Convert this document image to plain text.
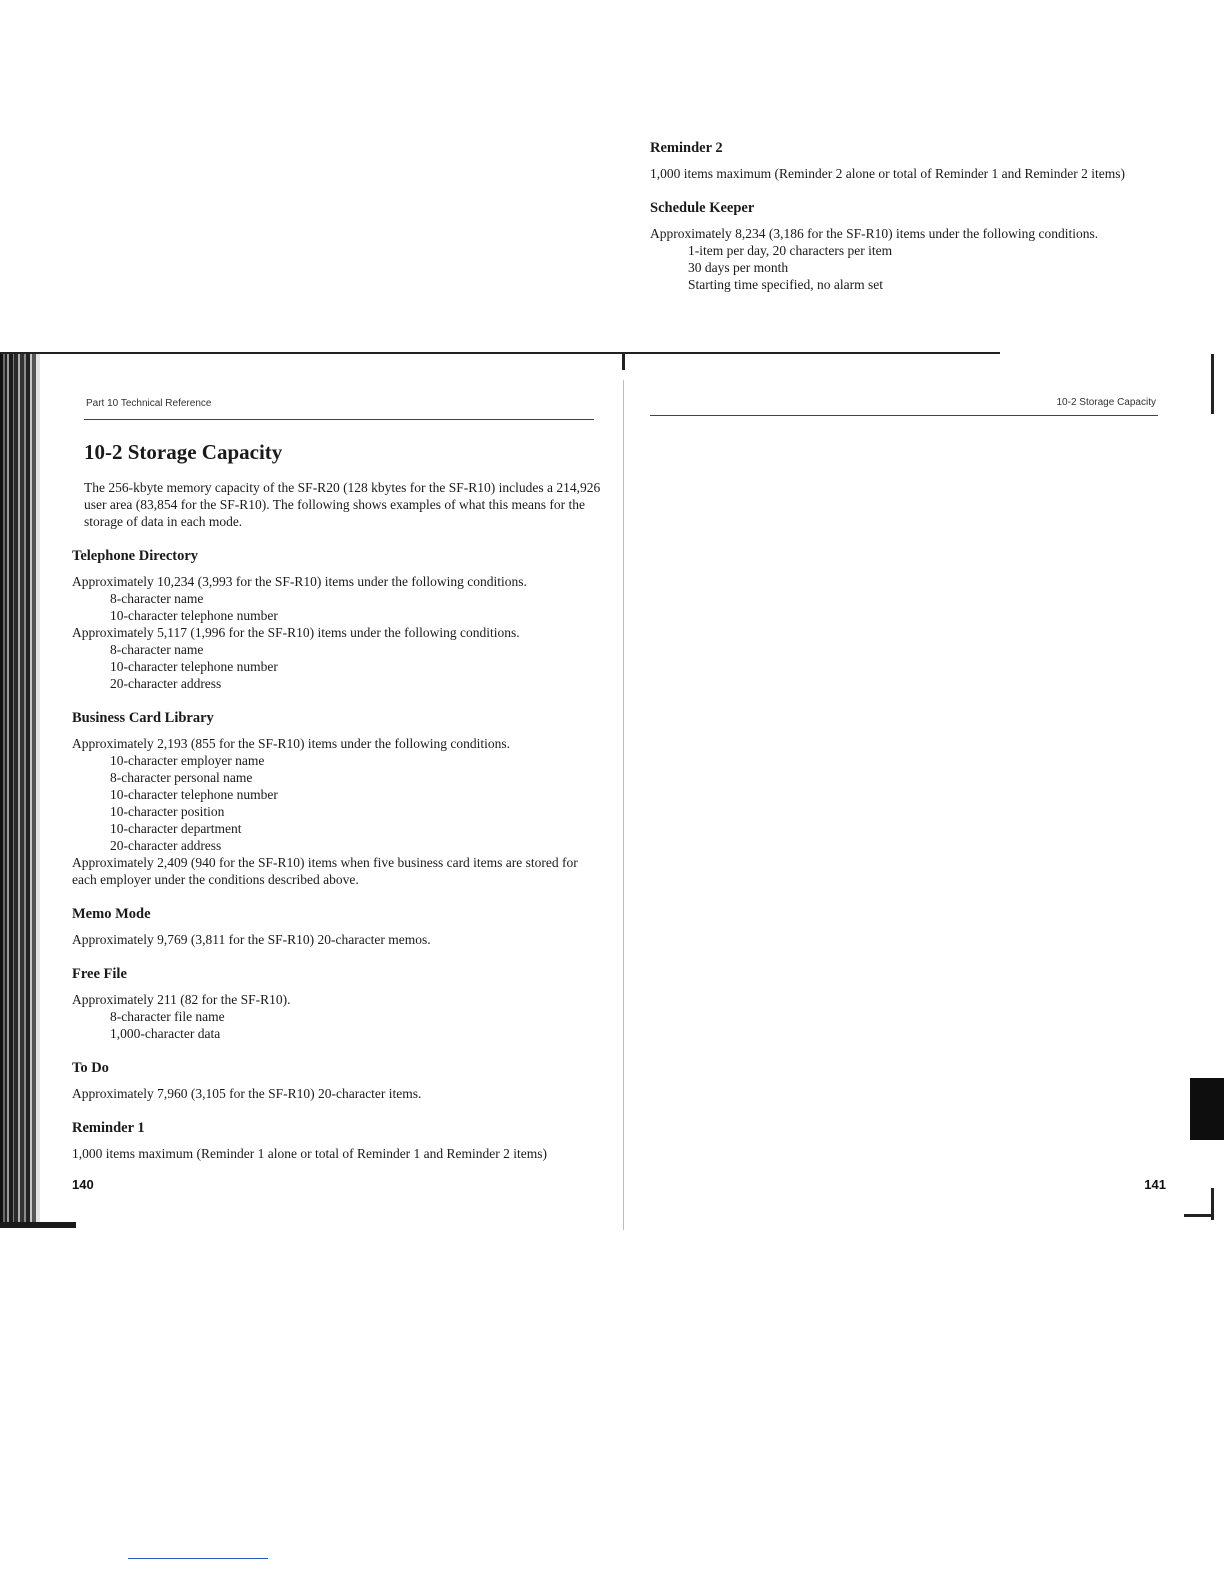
Part 10 Technical Reference	10-2 Storage Capacity
10-2 Storage Capacity

The 256-kbyte memory capacity of the SF-R20 (128 kbytes for the SF-R10) includes a 214,926 user area (83,854 for the SF-R10). The following shows examples of what this means for the storage of data in each mode.

Telephone Directory

Approximately 10,234 (3,993 for the SF-R10) items under the following conditions.

8-character name

10-character telephone number

Approximately 5,117 (1,996 for the SF-R10) items under the following conditions.

8-character name

10-character telephone number

20-character address

Business Card Library

Approximately 2,193 (855 for the SF-R10) items under the following conditions.

10-character employer name

8-character personal name

10-character telephone number

10-character position

10-character department

20-character address

Approximately 2,409 (940 for the SF-R10) items when five business card items are stored for each employer under the conditions described above.

Memo Mode

Approximately 9,769 (3,811 for the SF-R10) 20-character memos.

Free File

Approximately 211 (82 for the SF-R10).

8-character file name

1,000-character data

To Do

Approximately 7,960 (3,105 for the SF-R10) 20-character items.

Reminder 1

1,000 items maximum (Reminder 1 alone or total of Reminder 1 and Reminder 2 items)

Reminder 2

1,000 items maximum (Reminder 2 alone or total of Reminder 1 and Reminder 2 items)

Schedule Keeper

Approximately 8,234 (3,186 for the SF-R10) items under the following conditions.

1-item per day, 20 characters per item

30 days per month

Starting time specified, no alarm set

140	141
